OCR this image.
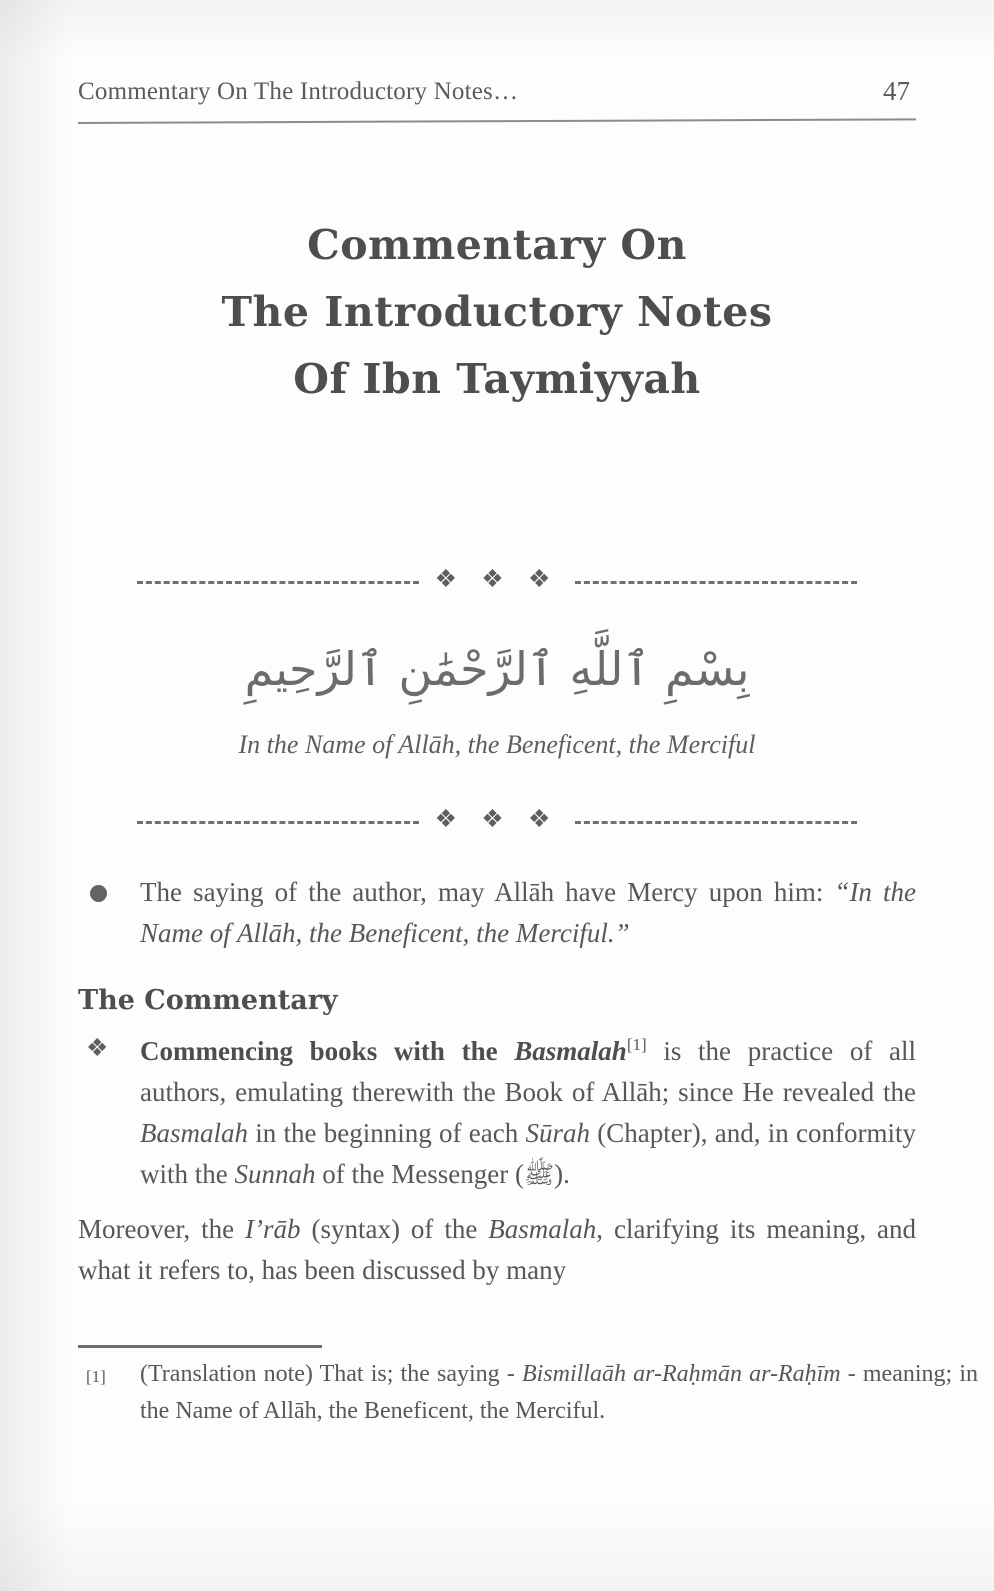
Commentary On The Introductory Notes…	47
Commentary On
The Introductory Notes
Of Ibn Taymiyyah
❖ ❖ ❖
بِسْمِ ٱللَّهِ ٱلرَّحْمَٰنِ ٱلرَّحِيمِ
In the Name of Allāh, the Beneficent, the Merciful
❖ ❖ ❖
The saying of the author, may Allāh have Mercy upon him: “In the Name of Allāh, the Beneficent, the Merciful.”
The Commentary
❖ Commencing books with the Basmalah[1] is the practice of all authors, emulating therewith the Book of Allāh; since He revealed the Basmalah in the beginning of each Sūrah (Chapter), and, in conformity with the Sunnah of the Messenger (ﷺ).
Moreover, the I’rāb (syntax) of the Basmalah, clarifying its meaning, and what it refers to, has been discussed by many
[1] (Translation note) That is; the saying - Bismillaāh ar-Raḥmān ar-Raḥīm - meaning; in the Name of Allāh, the Beneficent, the Merciful.
